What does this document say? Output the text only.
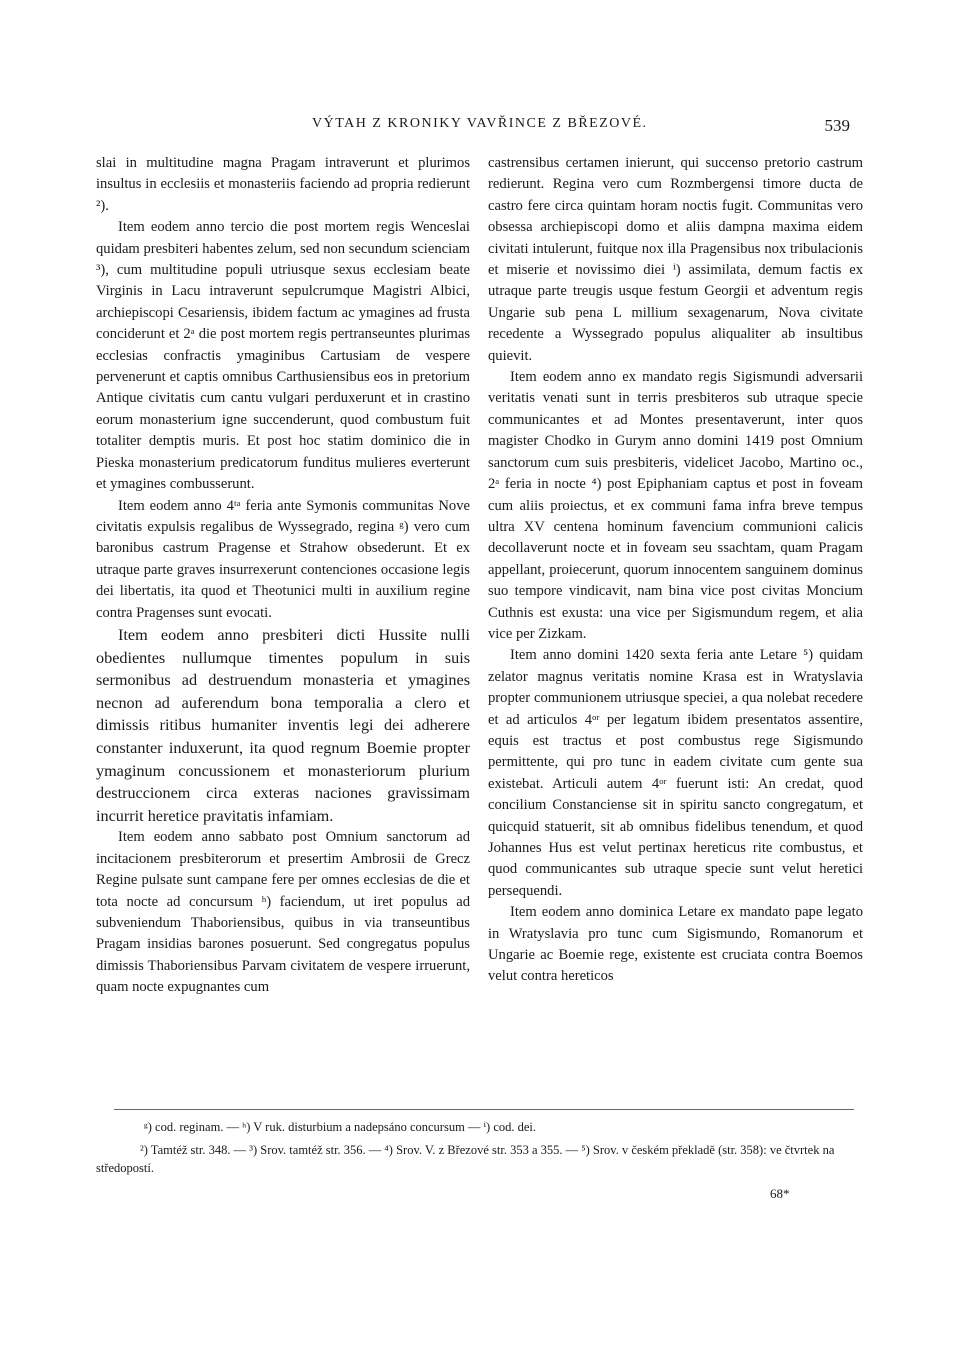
VÝTAH Z KRONIKY VAVŘINCE Z BŘEZOVÉ.	539

slai in multitudine magna Pragam intraverunt et plurimos insultus in ecclesiis et monasteriis faciendo ad propria redierunt ²).

Item eodem anno tercio die post mortem regis Wenceslai quidam presbiteri habentes zelum, sed non secundum scienciam ³), cum multitudine populi utriusque sexus ecclesiam beate Virginis in Lacu intraverunt sepulcrumque Magistri Albici, archiepiscopi Cesariensis, ibidem factum ac ymagines ad frusta conciderunt et 2ᵃ die post mortem regis pertranseuntes plurimas ecclesias confractis ymaginibus Cartusiam de vespere pervenerunt et captis omnibus Carthusiensibus eos in pretorium Antique civitatis cum cantu vulgari perduxerunt et in crastino eorum monasterium igne succenderunt, quod combustum fuit totaliter demptis muris. Et post hoc statim dominico die in Pieska monasterium predicatorum funditus mulieres everterunt et ymagines combusserunt.

Item eodem anno 4ᵗᵃ feria ante Symonis communitas Nove civitatis expulsis regalibus de Wyssegrado, regina ᵍ) vero cum baronibus castrum Pragense et Strahow obsederunt. Et ex utraque parte graves insurrexerunt contenciones occasione legis dei libertatis, ita quod et Theotunici multi in auxilium regine contra Pragenses sunt evocati.

Item eodem anno presbiteri dicti Hussite nulli obedientes nullumque timentes populum in suis sermonibus ad destruendum monasteria et ymagines necnon ad auferendum bona temporalia a clero et dimissis ritibus humaniter inventis legi dei adherere constanter induxerunt, ita quod regnum Boemie propter ymaginum concussionem et monasteriorum plurium destruccionem circa exteras naciones gravissimam incurrit heretice pravitatis infamiam.

Item eodem anno sabbato post Omnium sanctorum ad incitacionem presbiterorum et presertim Ambrosii de Grecz Regine pulsate sunt campane fere per omnes ecclesias de die et tota nocte ad concursum ʰ) faciendum, ut iret populus ad subveniendum Thaboriensibus, quibus in via transeuntibus Pragam insidias barones posuerunt. Sed congregatus populus dimissis Thaboriensibus Parvam civitatem de vespere irruerunt, quam nocte expugnantes cum

castrensibus certamen inierunt, qui succenso pretorio castrum redierunt. Regina vero cum Rozmbergensi timore ducta de castro fere circa quintam horam noctis fugit. Communitas vero obsessa archiepiscopi domo et aliis dampna maxima eidem civitati intulerunt, fuitque nox illa Pragensibus nox tribulacionis et miserie et novissimo diei ⁱ) assimilata, demum factis ex utraque parte treugis usque festum Georgii et adventum regis Ungarie sub pena L millium sexagenarum, Nova civitate recedente a Wyssegrado populus aliqualiter ab insultibus quievit.

Item eodem anno ex mandato regis Sigismundi adversarii veritatis venati sunt in terris presbiteros sub utraque specie communicantes et ad Montes presentaverunt, inter quos magister Chodko in Gurym anno domini 1419 post Omnium sanctorum cum suis presbiteris, videlicet Jacobo, Martino oc., 2ᵃ feria in nocte ⁴) post Epiphaniam captus et post in foveam cum aliis proiectus, et ex communi fama infra breve tempus ultra XV centena hominum favencium communioni calicis decollaverunt nocte et in foveam seu ssachtam, quam Pragam appellant, proiecerunt, quorum innocentem sanguinem dominus suo tempore vindicavit, nam bina vice post civitas Moncium Cuthnis est exusta: una vice per Sigismundum regem, et alia vice per Zizkam.

Item anno domini 1420 sexta feria ante Letare ⁵) quidam zelator magnus veritatis nomine Krasa est in Wratyslavia propter communionem utriusque speciei, a qua nolebat recedere et ad articulos 4ᵒʳ per legatum ibidem presentatos assentire, equis est tractus et post combustus rege Sigismundo permittente, qui pro tunc in eadem civitate cum gente sua existebat. Articuli autem 4ᵒʳ fuerunt isti: An credat, quod concilium Constanciense sit in spiritu sancto congregatum, et quicquid statuerit, sit ab omnibus fidelibus tenendum, et quod Johannes Hus est velut pertinax hereticus rite combustus, et quod communicantes sub utraque specie sunt velut heretici persequendi.

Item eodem anno dominica Letare ex mandato pape legato in Wratyslavia pro tunc cum Sigismundo, Romanorum et Ungarie ac Boemie rege, existente est cruciata contra Boemos velut contra hereticos

ᵍ) cod. reginam. — ʰ) V ruk. disturbium a nadepsáno concursum — ⁱ) cod. dei.
²) Tamtéž str. 348. — ³) Srov. tamtéž str. 356. — ⁴) Srov. V. z Březové str. 353 a 355. — ⁵) Srov. v českém překladě (str. 358): ve čtvrtek na středopostí.
68*
